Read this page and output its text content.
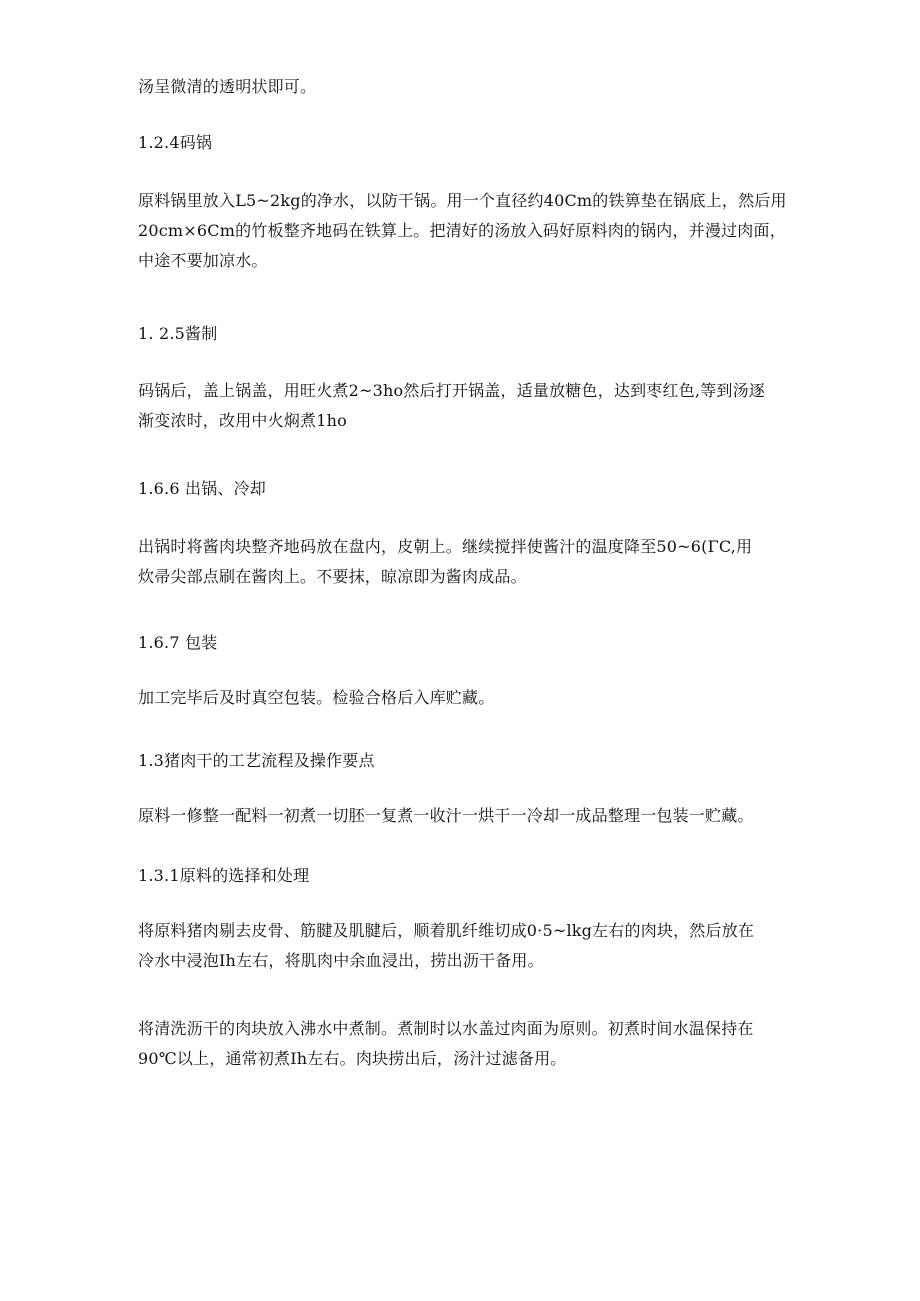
汤呈微清的透明状即可。
1.2.4码锅
原料锅里放入L5~2kg的净水，以防干锅。用一个直径约40Cm的铁箅垫在锅底上，然后用
20cm×6Cm的竹板整齐地码在铁算上。把清好的汤放入码好原料肉的锅内，并漫过肉面，
中途不要加凉水。
1. 2.5酱制
码锅后，盖上锅盖，用旺火煮2~3ho然后打开锅盖，适量放糖色，达到枣红色,等到汤逐
渐变浓时，改用中火焖煮1ho
1.6.6 出锅、冷却
出锅时将酱肉块整齐地码放在盘内，皮朝上。继续搅拌使酱汁的温度降至50~6(ΓC,用
炊帚尖部点刷在酱肉上。不要抹，晾凉即为酱肉成品。
1.6.7 包装
加工完毕后及时真空包装。检验合格后入库贮藏。
1.3猪肉干的工艺流程及操作要点
原料一修整一配料一初煮一切胚一复煮一收汁一烘干一冷却一成品整理一包装一贮藏。
1.3.1原料的选择和处理
将原料猪肉剔去皮骨、筋腱及肌腱后，顺着肌纤维切成0·5~lkg左右的肉块，然后放在
冷水中浸泡Ih左右，将肌肉中余血浸出，捞出沥干备用。
将清洗沥干的肉块放入沸水中煮制。煮制时以水盖过肉面为原则。初煮时间水温保持在
90℃以上，通常初煮Ih左右。肉块捞出后，汤汁过滤备用。
